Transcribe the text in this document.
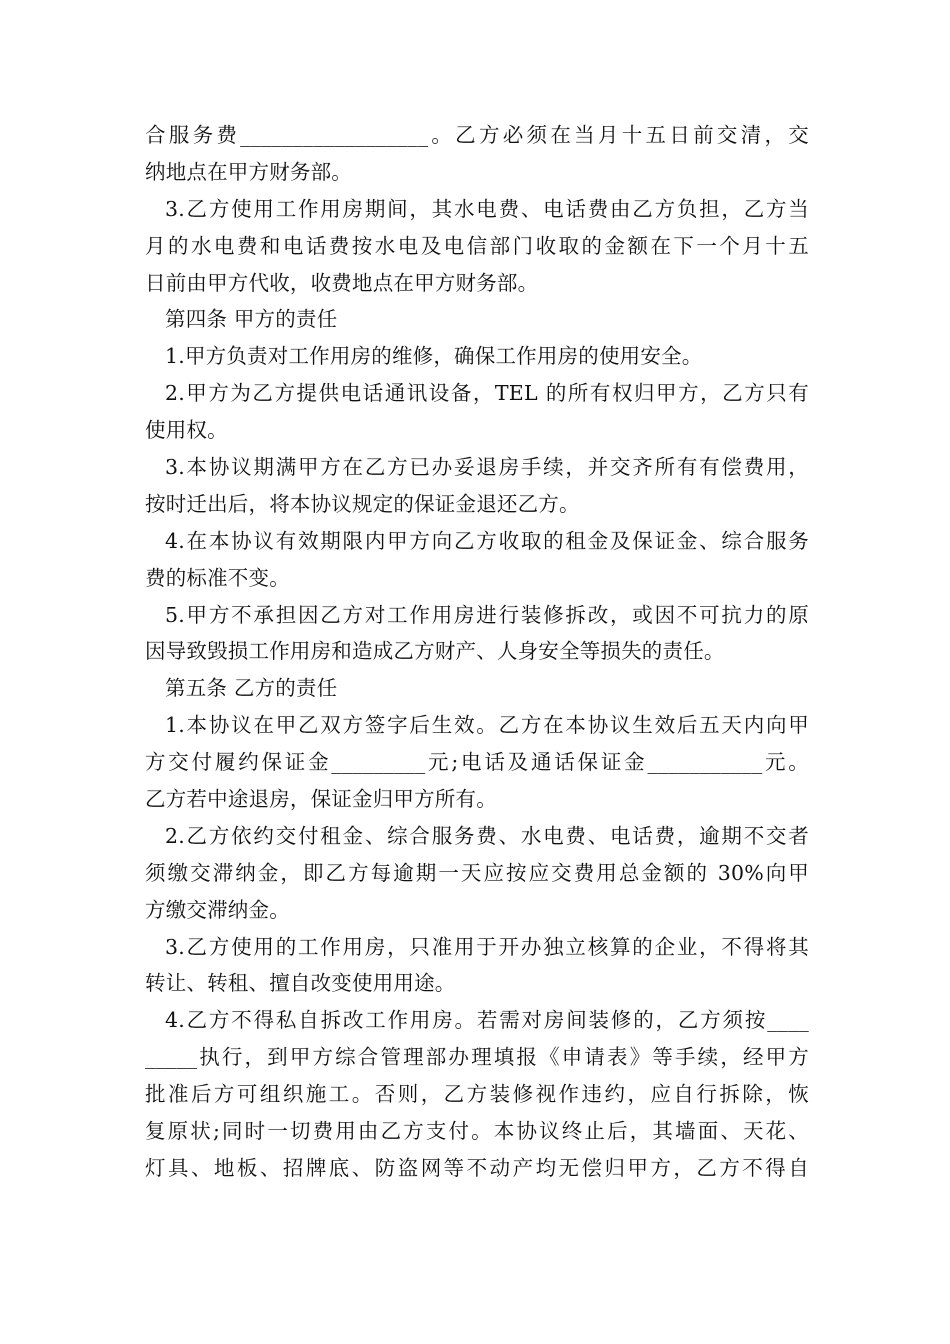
合服务费__________________。乙方必须在当月十五日前交清，交
纳地点在甲方财务部。
3.乙方使用工作用房期间，其水电费、电话费由乙方负担，乙方当
月的水电费和电话费按水电及电信部门收取的金额在下一个月十五
日前由甲方代收，收费地点在甲方财务部。
第四条 甲方的责任
1.甲方负责对工作用房的维修，确保工作用房的使用安全。
2.甲方为乙方提供电话通讯设备，TEL 的所有权归甲方，乙方只有
使用权。
3.本协议期满甲方在乙方已办妥退房手续，并交齐所有有偿费用，
按时迁出后，将本协议规定的保证金退还乙方。
4.在本协议有效期限内甲方向乙方收取的租金及保证金、综合服务
费的标准不变。
5.甲方不承担因乙方对工作用房进行装修拆改，或因不可抗力的原
因导致毁损工作用房和造成乙方财产、人身安全等损失的责任。
第五条 乙方的责任
1.本协议在甲乙双方签字后生效。乙方在本协议生效后五天内向甲
方交付履约保证金_________元;电话及通话保证金___________元。
乙方若中途退房，保证金归甲方所有。
2.乙方依约交付租金、综合服务费、水电费、电话费，逾期不交者
须缴交滞纳金，即乙方每逾期一天应按应交费用总金额的 30%向甲
方缴交滞纳金。
3.乙方使用的工作用房，只准用于开办独立核算的企业，不得将其
转让、转租、擅自改变使用用途。
4.乙方不得私自拆改工作用房。若需对房间装修的，乙方须按____
_____执行，到甲方综合管理部办理填报《申请表》等手续，经甲方
批准后方可组织施工。否则，乙方装修视作违约，应自行拆除，恢
复原状;同时一切费用由乙方支付。本协议终止后，其墙面、天花、
灯具、地板、招牌底、防盗网等不动产均无偿归甲方，乙方不得自
